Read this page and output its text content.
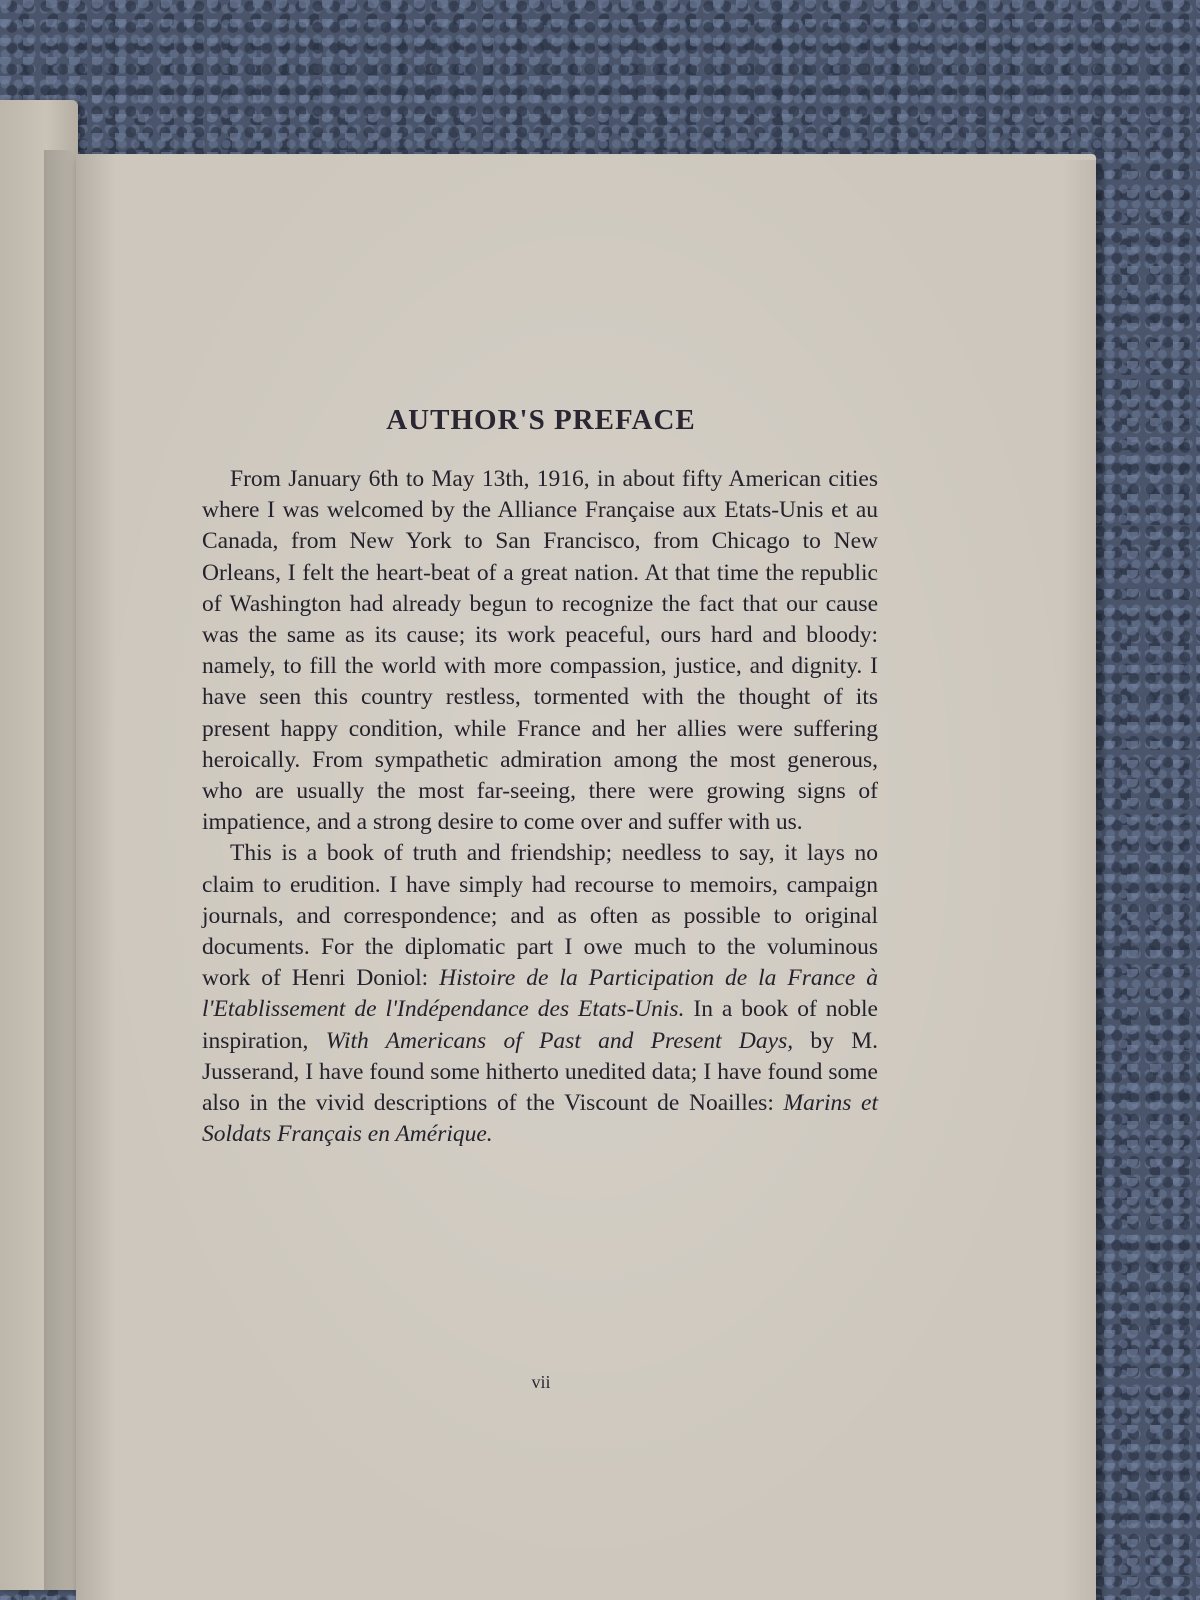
AUTHOR'S PREFACE

From January 6th to May 13th, 1916, in about fifty American cities where I was welcomed by the Alliance Française aux Etats-Unis et au Canada, from New York to San Francisco, from Chicago to New Orleans, I felt the heart-beat of a great nation. At that time the republic of Washington had already begun to recognize the fact that our cause was the same as its cause; its work peaceful, ours hard and bloody: namely, to fill the world with more compassion, justice, and dignity. I have seen this country restless, tormented with the thought of its present happy condition, while France and her allies were suffering heroically. From sympathetic admiration among the most generous, who are usually the most far-seeing, there were growing signs of impatience, and a strong desire to come over and suffer with us.

This is a book of truth and friendship; needless to say, it lays no claim to erudition. I have simply had recourse to memoirs, campaign journals, and correspondence; and as often as possible to original documents. For the diplomatic part I owe much to the voluminous work of Henri Doniol: Histoire de la Participation de la France à l'Etablissement de l'Indépendance des Etats-Unis. In a book of noble inspiration, With Americans of Past and Present Days, by M. Jusserand, I have found some hitherto unedited data; I have found some also in the vivid descriptions of the Viscount de Noailles: Marins et Soldats Français en Amérique.

vii
